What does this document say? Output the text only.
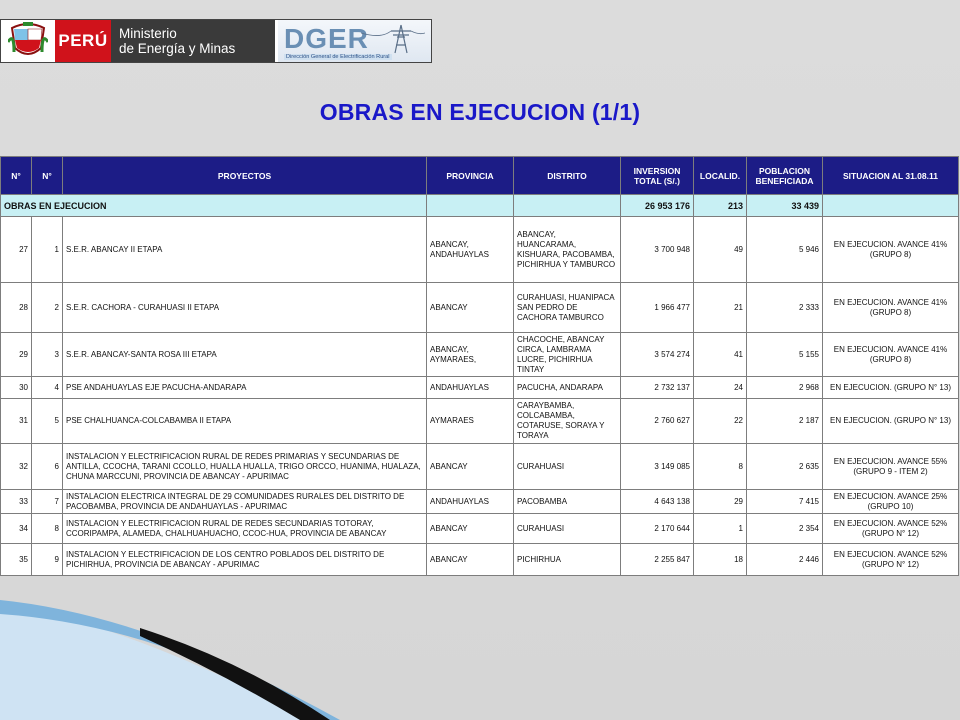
PERÚ Ministerio
de Energía y Minas	DGER
Dirección General de Electrificación Rural
OBRAS EN EJECUCION (1/1)
N°	N°	PROYECTOS	PROVINCIA	DISTRITO	INVERSION TOTAL (S/.)	LOCALID.	POBLACION BENEFICIADA	SITUACION AL 31.08.11
OBRAS EN EJECUCION					26 953 176	213	33 439	
27	1	S.E.R. ABANCAY II ETAPA	ABANCAY, ANDAHUAYLAS	ABANCAY, HUANCARAMA, KISHUARA, PACOBAMBA, PICHIRHUA Y TAMBURCO	3 700 948	49	5 946	EN EJECUCION. AVANCE 41% (GRUPO 8)
28	2	S.E.R. CACHORA - CURAHUASI II ETAPA	ABANCAY	CURAHUASI, HUANIPACA SAN PEDRO DE CACHORA TAMBURCO	1 966 477	21	2 333	EN EJECUCION. AVANCE 41% (GRUPO 8)
29	3	S.E.R. ABANCAY-SANTA ROSA III ETAPA	ABANCAY, AYMARAES,	CHACOCHE, ABANCAY CIRCA, LAMBRAMA LUCRE, PICHIRHUA TINTAY	3 574 274	41	5 155	EN EJECUCION. AVANCE 41% (GRUPO 8)
30	4	PSE ANDAHUAYLAS EJE PACUCHA-ANDARAPA	ANDAHUAYLAS	PACUCHA, ANDARAPA	2 732 137	24	2 968	EN EJECUCION. (GRUPO N° 13)
31	5	PSE CHALHUANCA-COLCABAMBA II ETAPA	AYMARAES	CARAYBAMBA, COLCABAMBA, COTARUSE, SORAYA Y TORAYA	2 760 627	22	2 187	EN EJECUCION. (GRUPO N° 13)
32	6	INSTALACION Y ELECTRIFICACION RURAL DE REDES PRIMARIAS Y SECUNDARIAS DE ANTILLA, CCOCHA, TARANI CCOLLO, HUALLA HUALLA, TRIGO ORCCO, HUANIMA, HUALAZA, CHUNA MARCCUNI, PROVINCIA DE ABANCAY - APURIMAC	ABANCAY	CURAHUASI	3 149 085	8	2 635	EN EJECUCION. AVANCE 55% (GRUPO 9 - ITEM 2)
33	7	INSTALACION ELECTRICA INTEGRAL DE 29 COMUNIDADES RURALES DEL DISTRITO DE PACOBAMBA, PROVINCIA DE ANDAHUAYLAS - APURIMAC	ANDAHUAYLAS	PACOBAMBA	4 643 138	29	7 415	EN EJECUCION. AVANCE 25% (GRUPO 10)
34	8	INSTALACION Y ELECTRIFICACION RURAL DE REDES SECUNDARIAS TOTORAY, CCORIPAMPA, ALAMEDA, CHALHUAHUACHO, CCOC-HUA, PROVINCIA DE ABANCAY	ABANCAY	CURAHUASI	2 170 644	1	2 354	EN EJECUCION. AVANCE 52% (GRUPO N° 12)
35	9	INSTALACION Y ELECTRIFICACION DE LOS CENTRO POBLADOS DEL DISTRITO DE PICHIRHUA, PROVINCIA DE ABANCAY - APURIMAC	ABANCAY	PICHIRHUA	2 255 847	18	2 446	EN EJECUCION. AVANCE 52% (GRUPO N° 12)
